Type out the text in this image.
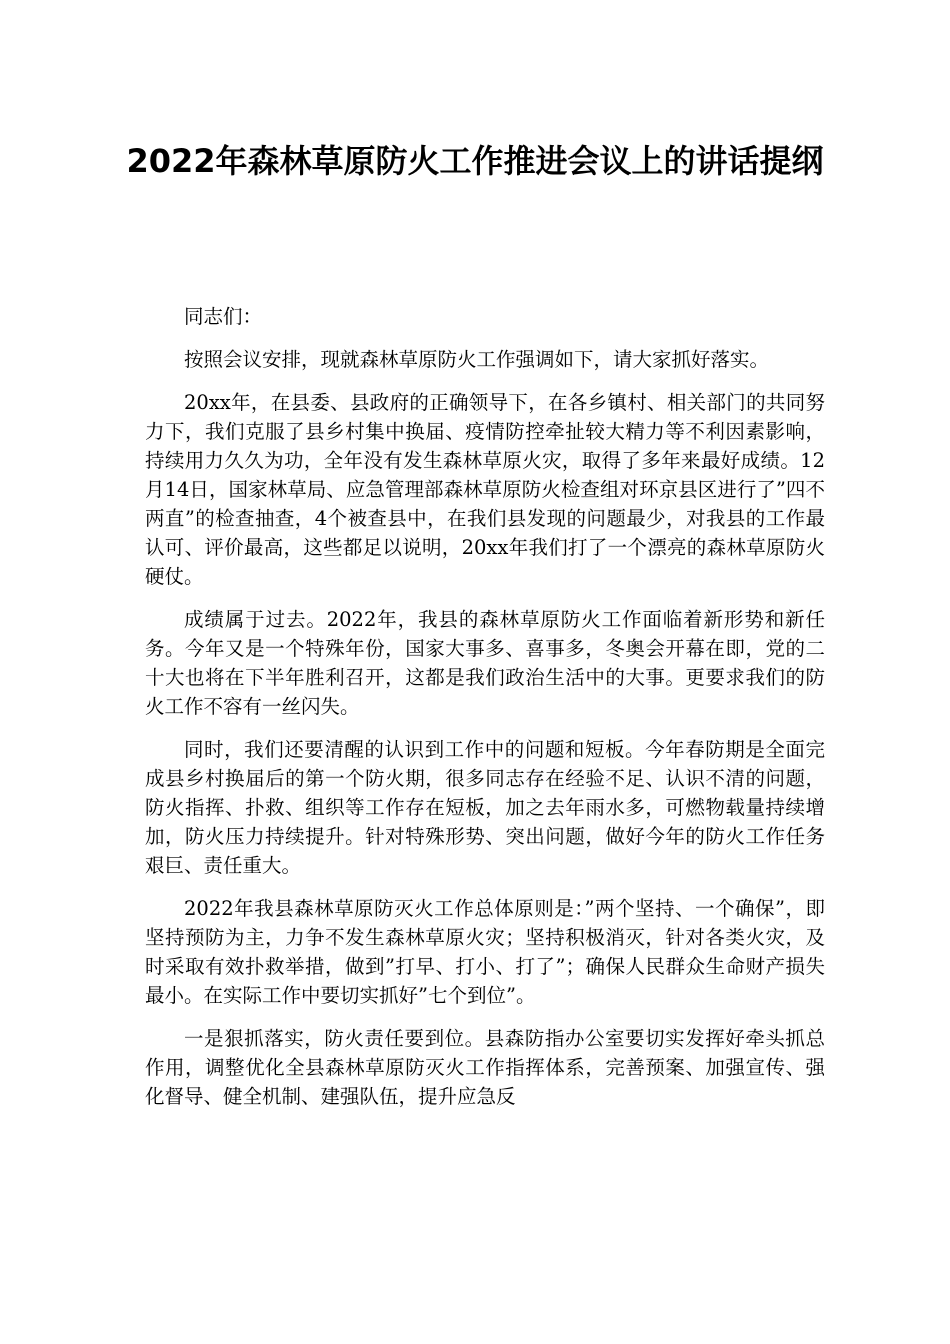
2022年森林草原防火工作推进会议上的讲话提纲

同志们：

按照会议安排，现就森林草原防火工作强调如下，请大家抓好落实。

20xx年，在县委、县政府的正确领导下，在各乡镇村、相关部门的共同努力下，我们克服了县乡村集中换届、疫情防控牵扯较大精力等不利因素影响，持续用力久久为功，全年没有发生森林草原火灾，取得了多年来最好成绩。12月14日，国家林草局、应急管理部森林草原防火检查组对环京县区进行了”四不两直”的检查抽查，4个被查县中，在我们县发现的问题最少，对我县的工作最认可、评价最高，这些都足以说明，20xx年我们打了一个漂亮的森林草原防火硬仗。

成绩属于过去。2022年，我县的森林草原防火工作面临着新形势和新任务。今年又是一个特殊年份，国家大事多、喜事多，冬奥会开幕在即，党的二十大也将在下半年胜利召开，这都是我们政治生活中的大事。更要求我们的防火工作不容有一丝闪失。

同时，我们还要清醒的认识到工作中的问题和短板。今年春防期是全面完成县乡村换届后的第一个防火期，很多同志存在经验不足、认识不清的问题，防火指挥、扑救、组织等工作存在短板，加之去年雨水多，可燃物载量持续增加，防火压力持续提升。针对特殊形势、突出问题，做好今年的防火工作任务艰巨、责任重大。

2022年我县森林草原防灭火工作总体原则是：”两个坚持、一个确保”，即坚持预防为主，力争不发生森林草原火灾；坚持积极消灭，针对各类火灾，及时采取有效扑救举措，做到”打早、打小、打了”；确保人民群众生命财产损失最小。在实际工作中要切实抓好”七个到位”。

一是狠抓落实，防火责任要到位。县森防指办公室要切实发挥好牵头抓总作用，调整优化全县森林草原防灭火工作指挥体系，完善预案、加强宣传、强化督导、健全机制、建强队伍，提升应急反
